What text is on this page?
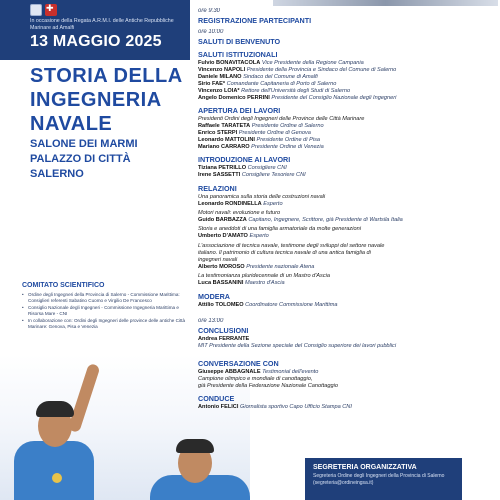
✚
In occasione della Regata A.R.M.I. delle Antiche Repubbliche Marinare ad Amalfi
13 MAGGIO 2025
STORIA DELLA
INGEGNERIA
NAVALE
SALONE DEI MARMI
PALAZZO DI CITTÀ
SALERNO
COMITATO SCIENTIFICO
• Ordine degli Ingegneri della Provincia di Salerno - Commissione Marittima: Consiglieri referenti Sabatino Cuomo e Virgilio De Francesco
• Consiglio Nazionale degli Ingegneri - Commissione Ingegneria Marittima e Risorsa Mare - CNI
• In collaborazione con: Ordini degli Ingegneri delle province delle antiche Città Marinare: Genova, Pisa e Venezia
ore 9:30
REGISTRAZIONE PARTECIPANTI
ore 10:00
SALUTI DI BENVENUTO
SALUTI ISTITUZIONALI
Fulvio BONAVITACOLA Vice Presidente della Regione Campania
Vincenzo NAPOLI Presidente della Provincia e Sindaco del Comune di Salerno
Daniele MILANO Sindaco del Comune di Amalfi
Sirio FAÈ* Comandante Capitaneria di Porto di Salerno
Vincenzo LOIA* Rettore dell'Università degli Studi di Salerno
Angelo Domenico PERRINI Presidente del Consiglio Nazionale degli Ingegneri
APERTURA DEI LAVORI
Presidenti Ordini degli Ingegneri delle Province delle Città Marinare
Raffaele TARATETA Presidente Ordine di Salerno
Enrico STERPI Presidente Ordine di Genova
Leonardo MATTOLINI Presidente Ordine di Pisa
Mariano CARRARO Presidente Ordine di Venezia
INTRODUZIONE AI LAVORI
Tiziana PETRILLO Consigliere CNI
Irene SASSETTI Consigliere Tesoriere CNI
RELAZIONI
Una panoramica sulla storia delle costruzioni navali
Leonardo RONDINELLA Esperto
Motori navali: evoluzione e futuro
Guido BARBAZZA Capitano, Ingegnere, Scrittore, già Presidente di Wartsila Italia
Storia e aneddoti di una famiglia armatoriale da molte generazioni
Umberto D'AMATO Esperto
L'associazione di tecnica navale, testimone degli sviluppi del settore navale
italiano. Il patrimonio di cultura tecnica navale di una antica famiglia di
ingegneri navali
Alberto MOROSO Presidente nazionale Atena
La testimonianza pluridecennale di un Mastro d'Ascia
Luca BASSANINI Maestro d'Ascia
MODERA
Attilio TOLOMEO Coordinatore Commissione Marittima
ore 13:00
CONCLUSIONI
Andrea FERRANTE
MIT Presidente della Sezione speciale del Consiglio superiore dei lavori pubblici
CONVERSAZIONE CON
Giuseppe ABBAGNALE Testimonial dell'evento
Campione olimpico e mondiale di canottaggio,
già Presidente della Federazione Nazionale Canottaggio
CONDUCE
Antonio FELICI Giornalista sportivo Capo Ufficio Stampa CNI
SEGRETERIA ORGANIZZATIVA
Segreteria Ordine degli Ingegneri della Provincia di Salerno (segreteria@ordineingsa.it)
